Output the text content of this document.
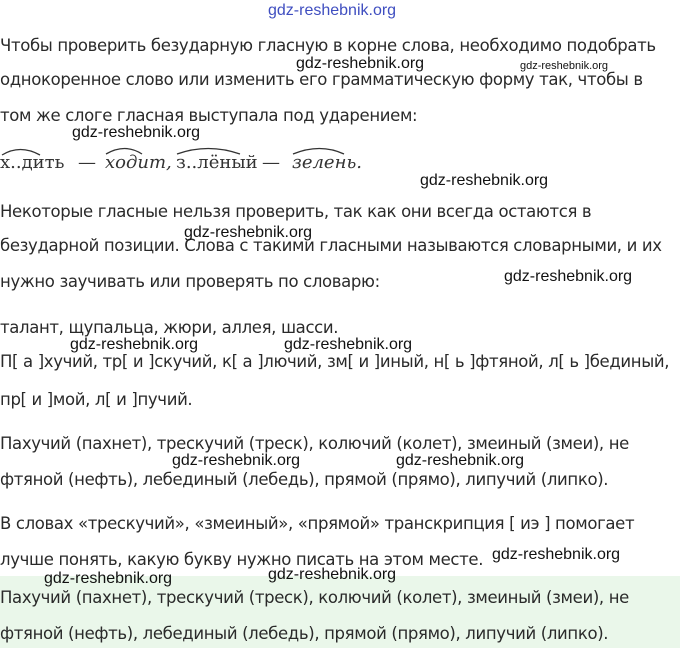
gdz-reshebnik.org
Чтобы проверить безударную гласную в корне слова, необходимо подобрать
однокоренное слово или изменить его грамматическую форму так, чтобы в
том же слоге гласная выступала под ударением:
gdz-reshebnik.org	gdz-reshebnik.org
gdz-reshebnik.org
х..дить — ходит, з..лёный — зелень.
gdz-reshebnik.org
Некоторые гласные нельзя проверить, так как они всегда остаются в
безударной позиции. Слова с такими гласными называются словарными, и их
нужно заучивать или проверять по словарю:
gdz-reshebnik.org
gdz-reshebnik.org
талант, щупальца, жюри, аллея, шасси.
gdz-reshebnik.org	gdz-reshebnik.org
П[ а ]хучий, тр[ и ]скучий, к[ а ]лючий, зм[ и ]иный, н[ ь ]фтяной, л[ ь ]бединый,
пр[ и ]мой, л[ и ]пучий.
Пахучий (пахнет), трескучий (треск), колючий (колет), змеиный (змеи), не
фтяной (нефть), лебединый (лебедь), прямой (прямо), липучий (липко).
gdz-reshebnik.org	gdz-reshebnik.org
В словах «трескучий», «змеиный», «прямой» транскрипция [ иэ ] помогает
лучше понять, какую букву нужно писать на этом месте. gdz-reshebnik.org
gdz-reshebnik.org	gdz-reshebnik.org
Пахучий (пахнет), трескучий (треск), колючий (колет), змеиный (змеи), не
фтяной (нефть), лебединый (лебедь), прямой (прямо), липучий (липко).
